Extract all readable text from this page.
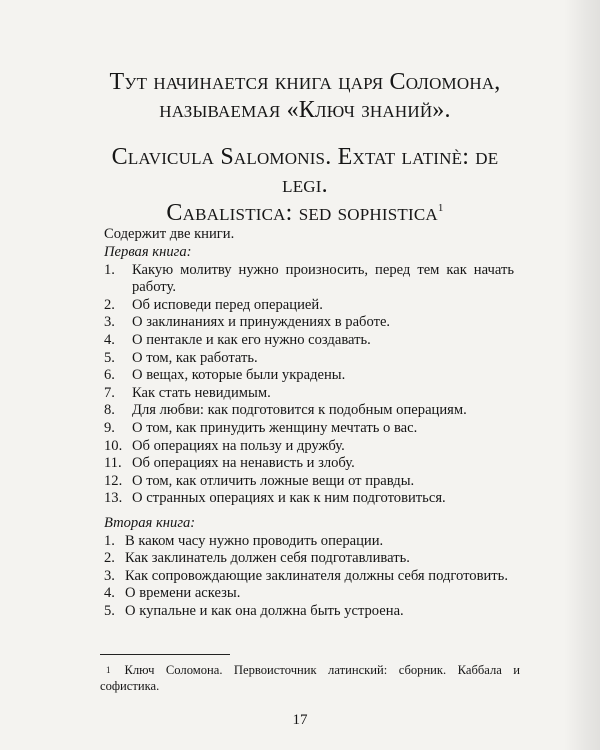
Тут начинается книга царя Соломона,
называемая «Ключ знаний».
Clavicula Salomonis. Extat latinè: de legi.
Cabalistica: sed sophistica$^1$
Содержит две книги.
Первая книга:
1.	Какую молитву нужно произносить, перед тем как начать работу.
2.	Об исповеди перед операцией.
3.	О заклинаниях и принуждениях в работе.
4.	О пентакле и как его нужно создавать.
5.	О том, как работать.
6.	О вещах, которые были украдены.
7.	Как стать невидимым.
8.	Для любви: как подготовится к подобным операциям.
9.	О том, как принудить женщину мечтать о вас.
10. Об операциях на пользу и дружбу.
11. Об операциях на ненависть и злобу.
12. О том, как отличить ложные вещи от правды.
13. О странных операциях и как к ним подготовиться.
Вторая книга:
1. В каком часу нужно проводить операции.
2. Как заклинатель должен себя подготавливать.
3. Как сопровождающие заклинателя должны себя подготовить.
4. О времени аскезы.
5. О купальне и как она должна быть устроена.
$^1$ Ключ Соломона. Первоисточник латинский: сборник. Каббала и софистика.
17
